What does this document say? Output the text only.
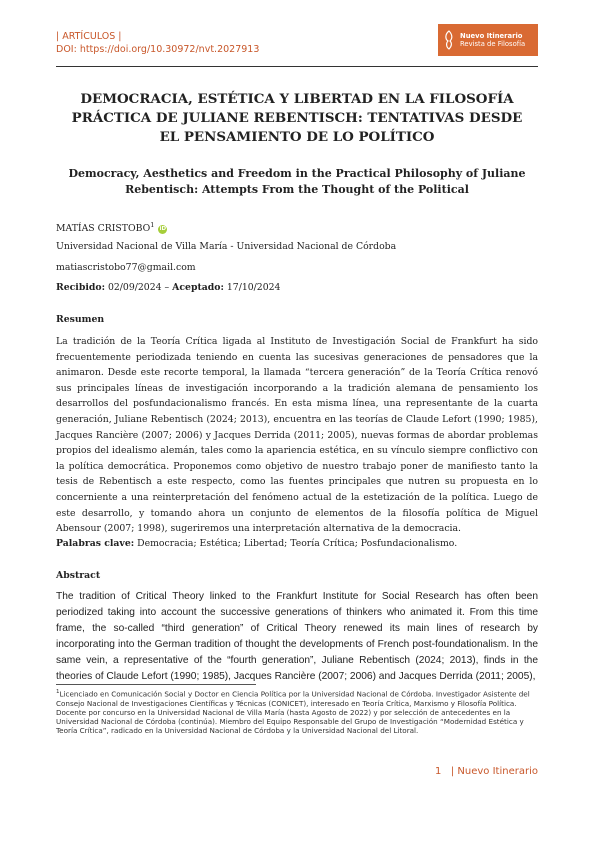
| ARTÍCULOS |
DOI: https://doi.org/10.30972/nvt.2027913
Nuevo Itinerario
Revista de Filosofía
DEMOCRACIA, ESTÉTICA Y LIBERTAD EN LA FILOSOFÍA PRÁCTICA DE JULIANE REBENTISCH: TENTATIVAS DESDE EL PENSAMIENTO DE LO POLÍTICO
Democracy, Aesthetics and Freedom in the Practical Philosophy of Juliane Rebentisch: Attempts From the Thought of the Political
MATÍAS CRISTOBO$^1$iD
Universidad Nacional de Villa María - Universidad Nacional de Córdoba
matiascristobo77@gmail.com
Recibido: 02/09/2024 – Aceptado: 17/10/2024
Resumen

La tradición de la Teoría Crítica ligada al Instituto de Investigación Social de Frankfurt ha sido frecuentemente periodizada teniendo en cuenta las sucesivas generaciones de pensadores que la animaron. Desde este recorte temporal, la llamada “tercera generación” de la Teoría Crítica renovó sus principales líneas de investigación incorporando a la tradición alemana de pensamiento los desarrollos del posfundacionalismo francés. En esta misma línea, una representante de la cuarta generación, Juliane Rebentisch (2024; 2013), encuentra en las teorías de Claude Lefort (1990; 1985), Jacques Rancière (2007; 2006) y Jacques Derrida (2011; 2005), nuevas formas de abordar problemas propios del idealismo alemán, tales como la apariencia estética, en su vínculo siempre conflictivo con la política democrática. Proponemos como objetivo de nuestro trabajo poner de manifiesto tanto la tesis de Rebentisch a este respecto, como las fuentes principales que nutren su propuesta en lo concerniente a una reinterpretación del fenómeno actual de la estetización de la política. Luego de este desarrollo, y tomando ahora un conjunto de elementos de la filosofía política de Miguel Abensour (2007; 1998), sugeriremos una interpretación alternativa de la democracia.

Palabras clave: Democracia; Estética; Libertad; Teoría Crítica; Posfundacionalismo.
Abstract

The tradition of Critical Theory linked to the Frankfurt Institute for Social Research has often been periodized taking into account the successive generations of thinkers who animated it. From this time frame, the so-called “third generation” of Critical Theory renewed its main lines of research by incorporating into the German tradition of thought the developments of French post-foundationalism. In the same vein, a representative of the “fourth generation”, Juliane Rebentisch (2024; 2013), finds in the theories of Claude Lefort (1990; 1985), Jacques Rancière (2007; 2006) and Jacques Derrida (2011; 2005),

$^1$Licenciado en Comunicación Social y Doctor en Ciencia Política por la Universidad Nacional de Córdoba. Investigador Asistente del Consejo Nacional de Investigaciones Científicas y Técnicas (CONICET), interesado en Teoría Crítica, Marxismo y Filosofía Política. Docente por concurso en la Universidad Nacional de Villa María (hasta Agosto de 2022) y por selección de antecedentes en la Universidad Nacional de Córdoba (continúa). Miembro del Equipo Responsable del Grupo de Investigación “Modernidad Estética y Teoría Crítica”, radicado en la Universidad Nacional de Córdoba y la Universidad Nacional del Litoral.

1 | Nuevo Itinerario
